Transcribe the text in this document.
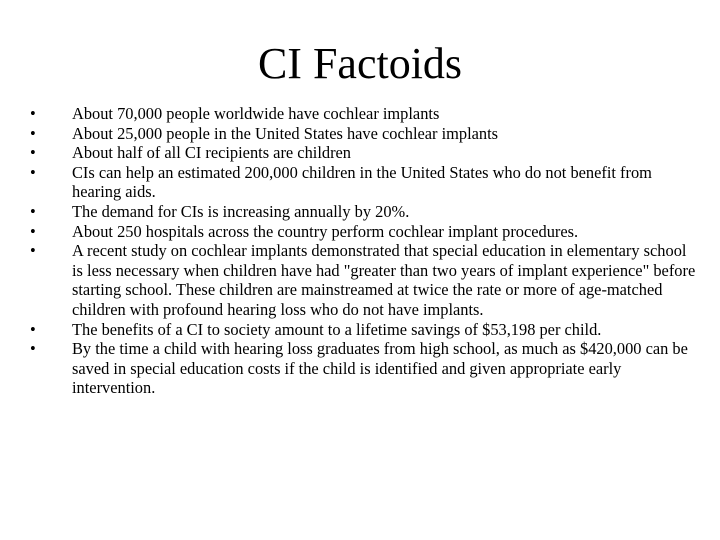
CI Factoids
•	About 70,000 people worldwide have cochlear implants
•	About 25,000 people in the United States have cochlear implants
•	About half of all CI recipients are children
•	CIs can help an estimated 200,000 children in the United States who do not benefit from hearing aids.
•	The demand for CIs is increasing annually by 20%.
•	About 250 hospitals across the country perform cochlear implant procedures.
•	A recent study on cochlear implants demonstrated that special education in elementary school is less necessary when children have had "greater than two years of implant experience" before starting school. These children are mainstreamed at twice the rate or more of age-matched children with profound hearing loss who do not have implants.
•	The benefits of a CI to society amount to a lifetime savings of $53,198 per child.
•	By the time a child with hearing loss graduates from high school, as much as $420,000 can be saved in special education costs if the child is identified and given appropriate early intervention.
